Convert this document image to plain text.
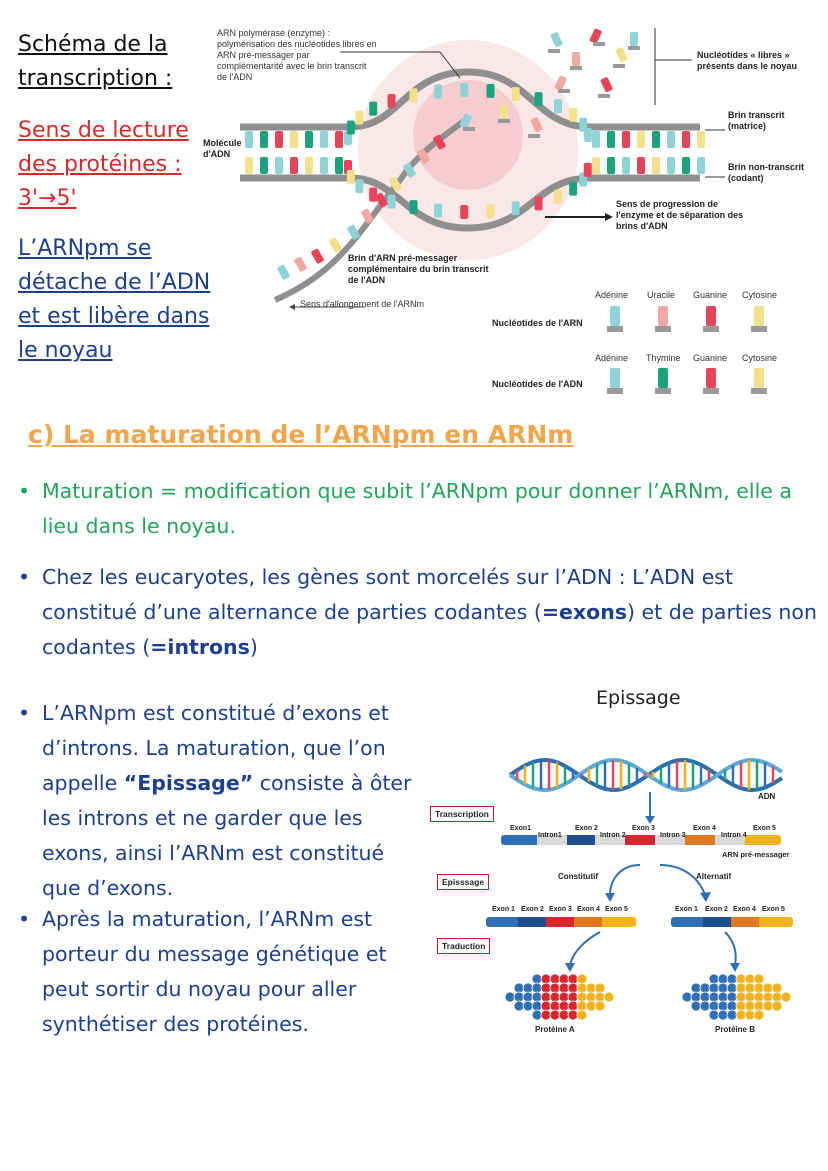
Schéma de la transcription :
Sens de lecture des protéines : 3'→5'
L’ARNpm se détache de l’ADN et est libère dans le noyau
ARN polymérase (enzyme) : polymérisation des nucléotides libres en ARN pré-messager par complémentarité avec le brin transcrit de l'ADN
Nucléotides « libres » présents dans le noyau
Molécule d'ADN
Brin transcrit (matrice)
Brin non-transcrit (codant)
Sens de progression de l'enzyme et de séparation des brins d'ADN
Brin d'ARN pré-messager complémentaire du brin transcrit de l'ADN
Sens d'allongement de l'ARNm
Nucléotides de l'ARN
Nucléotides de l'ADN
Adénine Uracile Guanine Cytosine
Adénine Thymine Guanine Cytosine
c) La maturation de l’ARNpm en ARNm
• Maturation = modification que subit l’ARNpm pour donner l’ARNm, elle a lieu dans le noyau.
• Chez les eucaryotes, les gènes sont morcelés sur l’ADN : L’ADN est constitué d’une alternance de parties codantes (=exons) et de parties non codantes (=introns)
• L’ARNpm est constitué d’exons et d’introns. La maturation, que l’on appelle “Epissage” consiste à ôter les introns et ne garder que les exons, ainsi l’ARNm est constitué que d’exons.
• Après la maturation, l’ARNm est porteur du message génétique et peut sortir du noyau pour aller synthétiser des protéines.
Epissage
ADN
Transcription
Episssage
Traduction
ARN pré-messager
Constitutif	Alternatif
Exon1
Intron1
Exon 2
Intron 2
Exon 3
Intron 3
Exon 4
Intron 4
Exon 5
Exon 1 Exon 2 Exon 3 Exon 4 Exon 5	Exon 1 Exon 2 Exon 4 Exon 5
Protéine A	Protéine B
